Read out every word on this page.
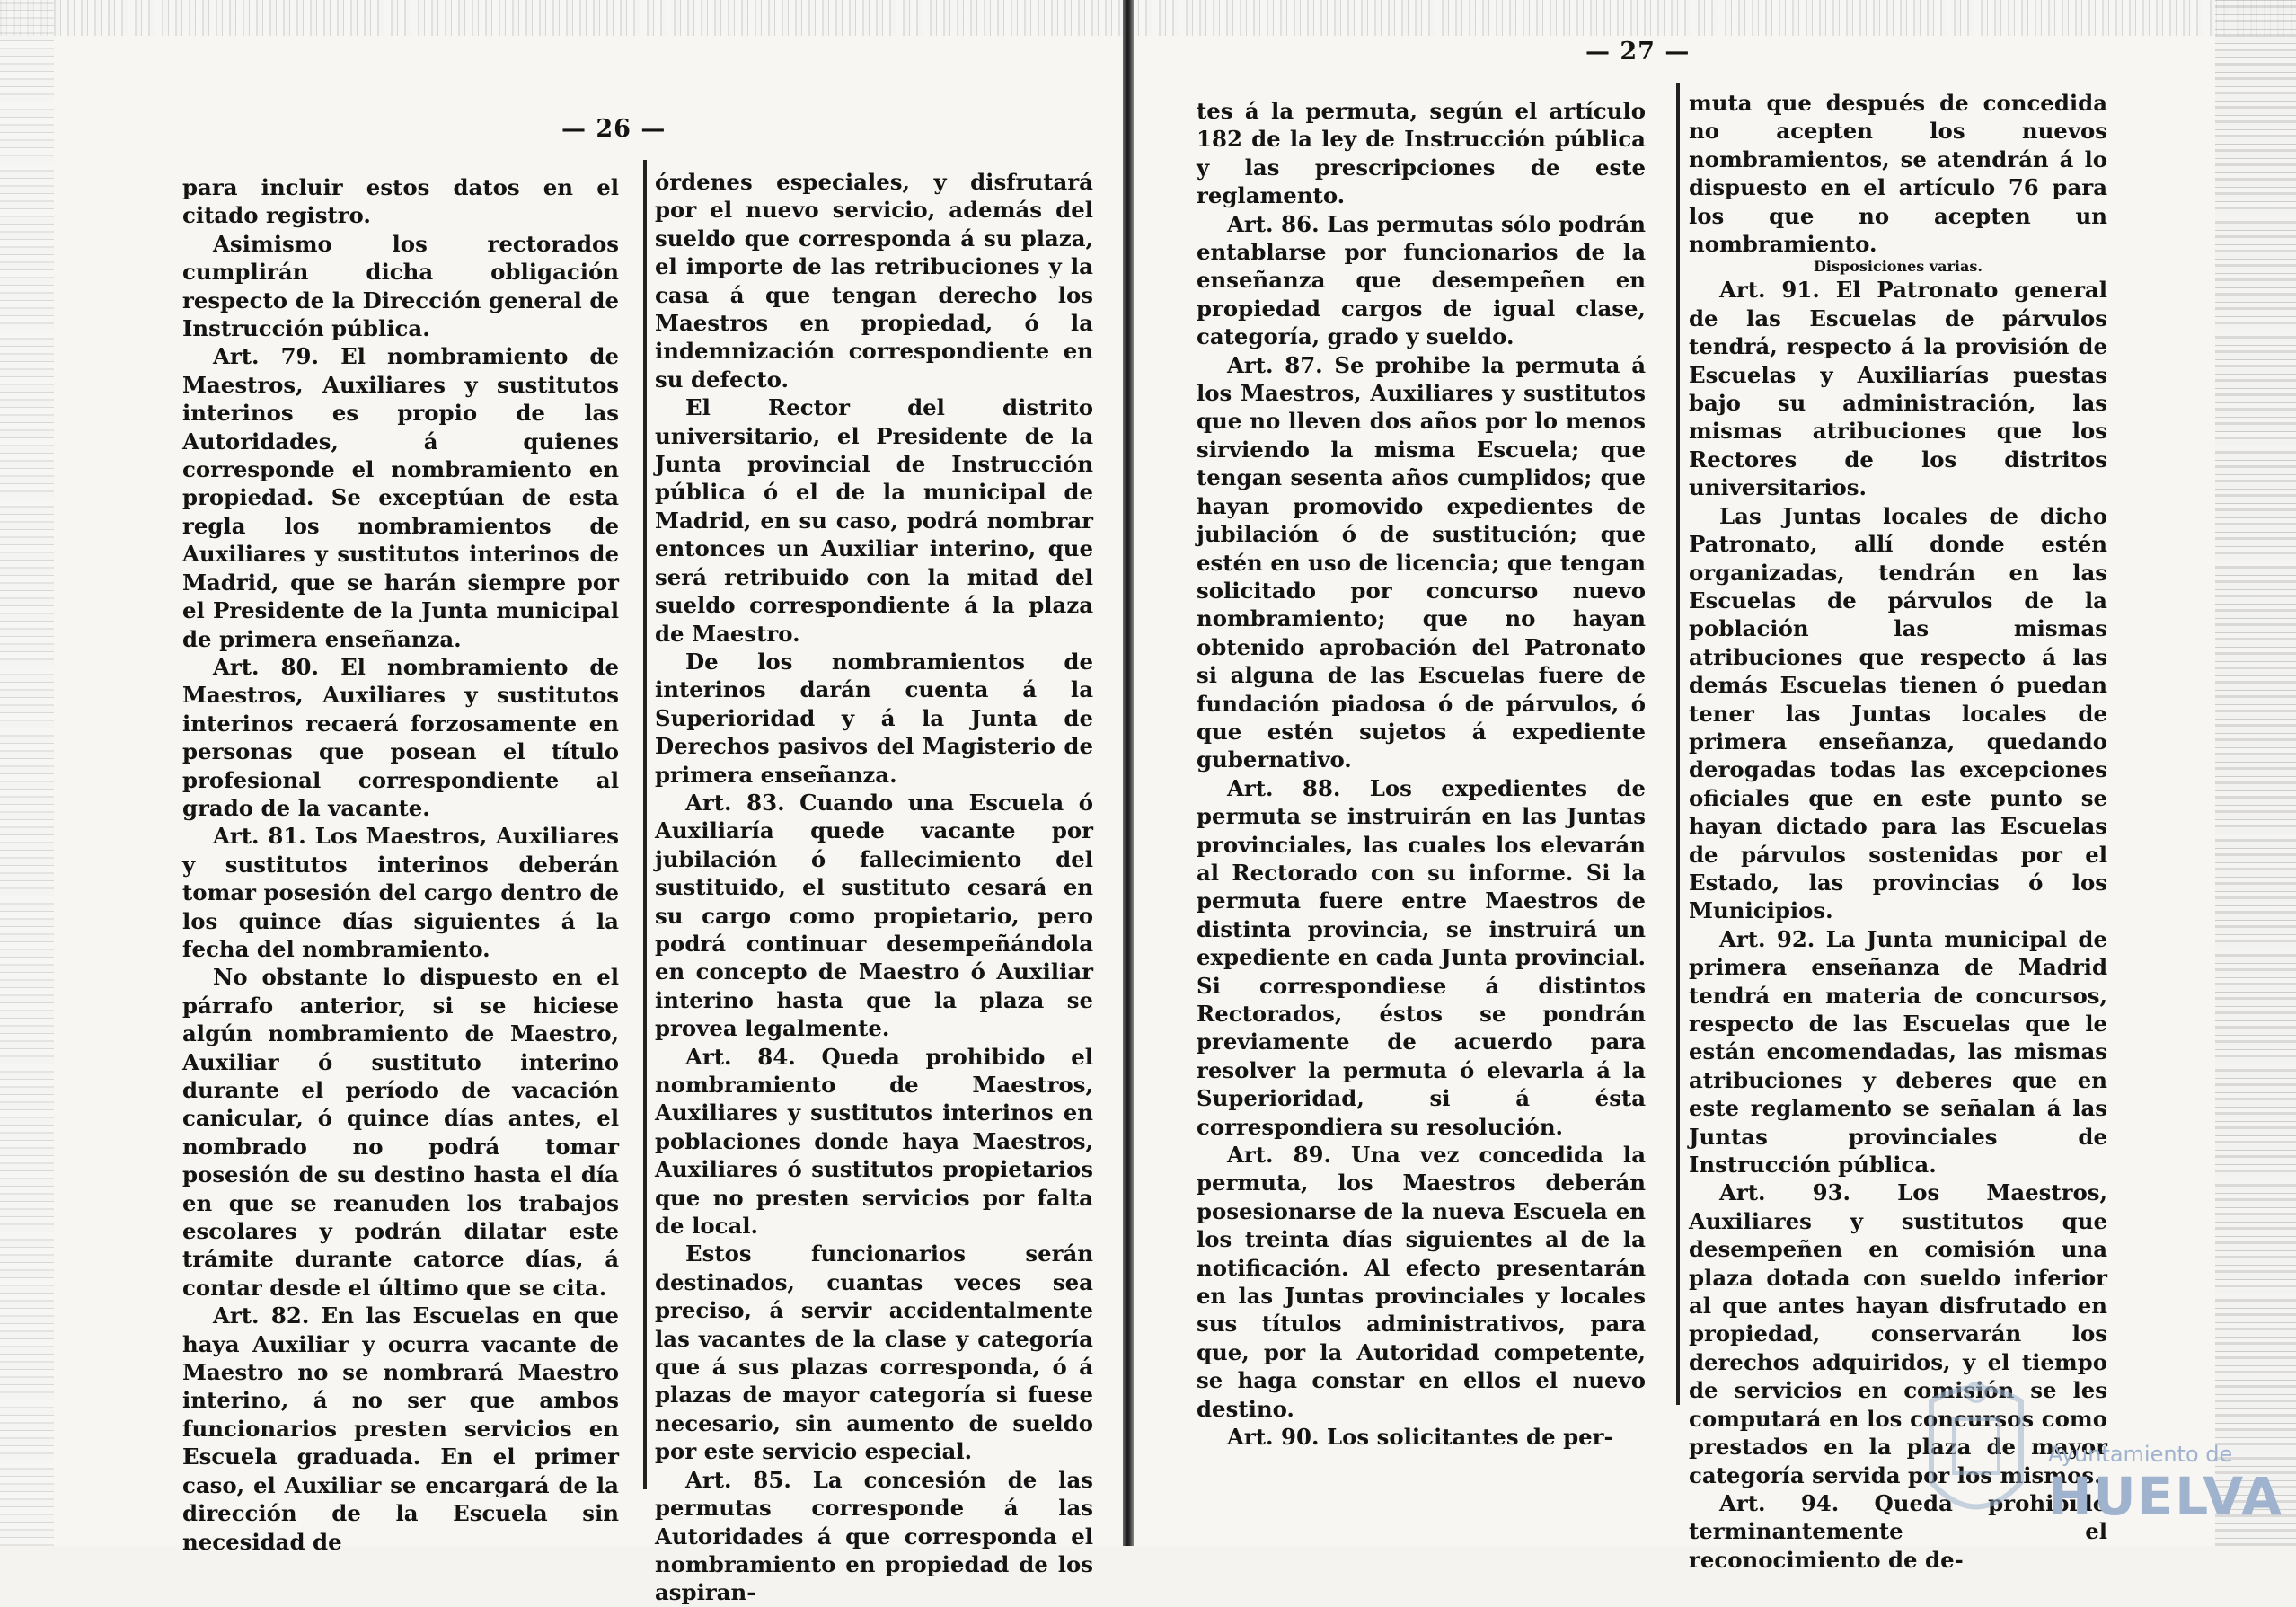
— 26 —
— 27 —

para incluir estos datos en el citado registro.

Asimismo los rectorados cumplirán dicha obligación respecto de la Dirección general de Instrucción pública.

Art. 79. El nombramiento de Maestros, Auxiliares y sustitutos interinos es propio de las Autoridades, á quienes corresponde el nombramiento en propiedad. Se exceptúan de esta regla los nombramientos de Auxiliares y sustitutos interinos de Madrid, que se harán siempre por el Presidente de la Junta municipal de primera enseñanza.

Art. 80. El nombramiento de Maestros, Auxiliares y sustitutos interinos recaerá forzosamente en personas que posean el título profesional correspondiente al grado de la vacante.

Art. 81. Los Maestros, Auxiliares y sustitutos interinos deberán tomar posesión del cargo dentro de los quince días siguientes á la fecha del nombramiento.

No obstante lo dispuesto en el párrafo anterior, si se hiciese algún nombramiento de Maestro, Auxiliar ó sustituto interino durante el período de vacación canicular, ó quince días antes, el nombrado no podrá tomar posesión de su destino hasta el día en que se reanuden los trabajos escolares y podrán dilatar este trámite durante catorce días, á contar desde el último que se cita.

Art. 82. En las Escuelas en que haya Auxiliar y ocurra vacante de Maestro no se nombrará Maestro interino, á no ser que ambos funcionarios presten servicios en Escuela graduada. En el primer caso, el Auxiliar se encargará de la dirección de la Escuela sin necesidad de

órdenes especiales, y disfrutará por el nuevo servicio, además del sueldo que corresponda á su plaza, el importe de las retribuciones y la casa á que tengan derecho los Maestros en propiedad, ó la indemnización correspondiente en su defecto.

El Rector del distrito universitario, el Presidente de la Junta provincial de Instrucción pública ó el de la municipal de Madrid, en su caso, podrá nombrar entonces un Auxiliar interino, que será retribuido con la mitad del sueldo correspondiente á la plaza de Maestro.

De los nombramientos de interinos darán cuenta á la Superioridad y á la Junta de Derechos pasivos del Magisterio de primera enseñanza.

Art. 83. Cuando una Escuela ó Auxiliaría quede vacante por jubilación ó fallecimiento del sustituido, el sustituto cesará en su cargo como propietario, pero podrá continuar desempeñándola en concepto de Maestro ó Auxiliar interino hasta que la plaza se provea legalmente.

Art. 84. Queda prohibido el nombramiento de Maestros, Auxiliares y sustitutos interinos en poblaciones donde haya Maestros, Auxiliares ó sustitutos propietarios que no presten servicios por falta de local.

Estos funcionarios serán destinados, cuantas veces sea preciso, á servir accidentalmente las vacantes de la clase y categoría que á sus plazas corresponda, ó á plazas de mayor categoría si fuese necesario, sin aumento de sueldo por este servicio especial.

Art. 85. La concesión de las permutas corresponde á las Autoridades á que corresponda el nombramiento en propiedad de los aspiran-

tes á la permuta, según el artículo 182 de la ley de Instrucción pública y las prescripciones de este reglamento.

Art. 86. Las permutas sólo podrán entablarse por funcionarios de la enseñanza que desempeñen en propiedad cargos de igual clase, categoría, grado y sueldo.

Art. 87. Se prohibe la permuta á los Maestros, Auxiliares y sustitutos que no lleven dos años por lo menos sirviendo la misma Escuela; que tengan sesenta años cumplidos; que hayan promovido expedientes de jubilación ó de sustitución; que estén en uso de licencia; que tengan solicitado por concurso nuevo nombramiento; que no hayan obtenido aprobación del Patronato si alguna de las Escuelas fuere de fundación piadosa ó de párvulos, ó que estén sujetos á expediente gubernativo.

Art. 88. Los expedientes de permuta se instruirán en las Juntas provinciales, las cuales los elevarán al Rectorado con su informe. Si la permuta fuere entre Maestros de distinta provincia, se instruirá un expediente en cada Junta provincial. Si correspondiese á distintos Rectorados, éstos se pondrán previamente de acuerdo para resolver la permuta ó elevarla á la Superioridad, si á ésta correspondiera su resolución.

Art. 89. Una vez concedida la permuta, los Maestros deberán posesionarse de la nueva Escuela en los treinta días siguientes al de la notificación. Al efecto presentarán en las Juntas provinciales y locales sus títulos administrativos, para que, por la Autoridad competente, se haga constar en ellos el nuevo destino.

Art. 90. Los solicitantes de per-

muta que después de concedida no acepten los nuevos nombramientos, se atendrán á lo dispuesto en el artículo 76 para los que no acepten un nombramiento.

Disposiciones varias.

Art. 91. El Patronato general de las Escuelas de párvulos tendrá, respecto á la provisión de Escuelas y Auxiliarías puestas bajo su administración, las mismas atribuciones que los Rectores de los distritos universitarios.

Las Juntas locales de dicho Patronato, allí donde estén organizadas, tendrán en las Escuelas de párvulos de la población las mismas atribuciones que respecto á las demás Escuelas tienen ó puedan tener las Juntas locales de primera enseñanza, quedando derogadas todas las excepciones oficiales que en este punto se hayan dictado para las Escuelas de párvulos sostenidas por el Estado, las provincias ó los Municipios.

Art. 92. La Junta municipal de primera enseñanza de Madrid tendrá en materia de concursos, respecto de las Escuelas que le están encomendadas, las mismas atribuciones y deberes que en este reglamento se señalan á las Juntas provinciales de Instrucción pública.

Art. 93. Los Maestros, Auxiliares y sustitutos que desempeñen en comisión una plaza dotada con sueldo inferior al que antes hayan disfrutado en propiedad, conservarán los derechos adquiridos, y el tiempo de servicios en comisión se les computará en los concursos como prestados en la plaza de mayor categoría servida por los mismos.

Art. 94. Queda prohibido terminantemente el reconocimiento de de-

Ayuntamiento de
HUELVA
